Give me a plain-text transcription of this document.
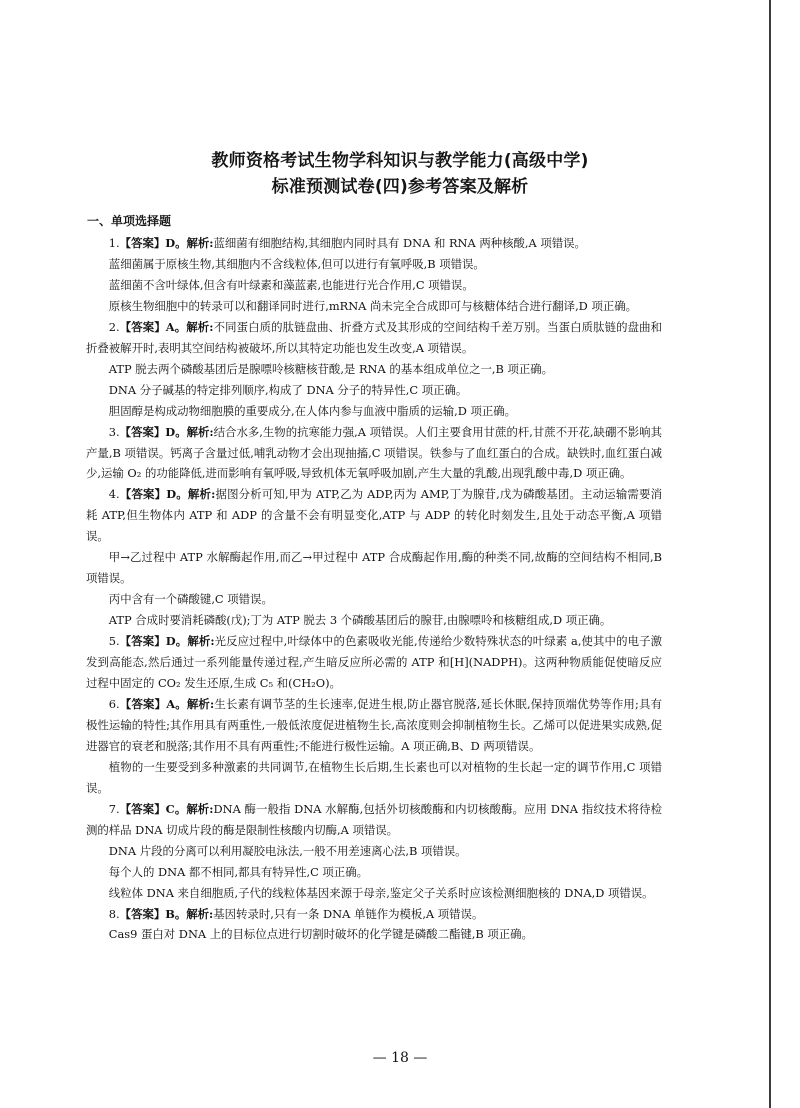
教师资格考试生物学科知识与教学能力(高级中学)
标准预测试卷(四)参考答案及解析
一、单项选择题

1.【答案】D。解析:蓝细菌有细胞结构,其细胞内同时具有 DNA 和 RNA 两种核酸,A 项错误。

蓝细菌属于原核生物,其细胞内不含线粒体,但可以进行有氧呼吸,B 项错误。

蓝细菌不含叶绿体,但含有叶绿素和藻蓝素,也能进行光合作用,C 项错误。

原核生物细胞中的转录可以和翻译同时进行,mRNA 尚未完全合成即可与核糖体结合进行翻译,D 项正确。

2.【答案】A。解析:不同蛋白质的肽链盘曲、折叠方式及其形成的空间结构千差万别。当蛋白质肽链的盘曲和折叠被解开时,表明其空间结构被破坏,所以其特定功能也发生改变,A 项错误。

ATP 脱去两个磷酸基团后是腺嘌呤核糖核苷酸,是 RNA 的基本组成单位之一,B 项正确。

DNA 分子碱基的特定排列顺序,构成了 DNA 分子的特异性,C 项正确。

胆固醇是构成动物细胞膜的重要成分,在人体内参与血液中脂质的运输,D 项正确。

3.【答案】D。解析:结合水多,生物的抗寒能力强,A 项错误。人们主要食用甘蔗的杆,甘蔗不开花,缺硼不影响其产量,B 项错误。钙离子含量过低,哺乳动物才会出现抽搐,C 项错误。铁参与了血红蛋白的合成。缺铁时,血红蛋白减少,运输 O₂ 的功能降低,进而影响有氧呼吸,导致机体无氧呼吸加剧,产生大量的乳酸,出现乳酸中毒,D 项正确。

4.【答案】D。解析:据图分析可知,甲为 ATP,乙为 ADP,丙为 AMP,丁为腺苷,戊为磷酸基团。主动运输需要消耗 ATP,但生物体内 ATP 和 ADP 的含量不会有明显变化,ATP 与 ADP 的转化时刻发生,且处于动态平衡,A 项错误。

甲→乙过程中 ATP 水解酶起作用,而乙→甲过程中 ATP 合成酶起作用,酶的种类不同,故酶的空间结构不相同,B 项错误。

丙中含有一个磷酸键,C 项错误。

ATP 合成时要消耗磷酸(戊);丁为 ATP 脱去 3 个磷酸基团后的腺苷,由腺嘌呤和核糖组成,D 项正确。

5.【答案】D。解析:光反应过程中,叶绿体中的色素吸收光能,传递给少数特殊状态的叶绿素 a,使其中的电子激发到高能态,然后通过一系列能量传递过程,产生暗反应所必需的 ATP 和[H](NADPH)。这两种物质能促使暗反应过程中固定的 CO₂ 发生还原,生成 C₅ 和(CH₂O)。

6.【答案】A。解析:生长素有调节茎的生长速率,促进生根,防止器官脱落,延长休眠,保持顶端优势等作用;具有极性运输的特性;其作用具有两重性,一般低浓度促进植物生长,高浓度则会抑制植物生长。乙烯可以促进果实成熟,促进器官的衰老和脱落;其作用不具有两重性;不能进行极性运输。A 项正确,B、D 两项错误。

植物的一生要受到多种激素的共同调节,在植物生长后期,生长素也可以对植物的生长起一定的调节作用,C 项错误。

7.【答案】C。解析:DNA 酶一般指 DNA 水解酶,包括外切核酸酶和内切核酸酶。应用 DNA 指纹技术将待检测的样品 DNA 切成片段的酶是限制性核酸内切酶,A 项错误。

DNA 片段的分离可以利用凝胶电泳法,一般不用差速离心法,B 项错误。

每个人的 DNA 都不相同,都具有特异性,C 项正确。

线粒体 DNA 来自细胞质,子代的线粒体基因来源于母亲,鉴定父子关系时应该检测细胞核的 DNA,D 项错误。

8.【答案】B。解析:基因转录时,只有一条 DNA 单链作为模板,A 项错误。

Cas9 蛋白对 DNA 上的目标位点进行切割时破坏的化学键是磷酸二酯键,B 项正确。

— 18 —
